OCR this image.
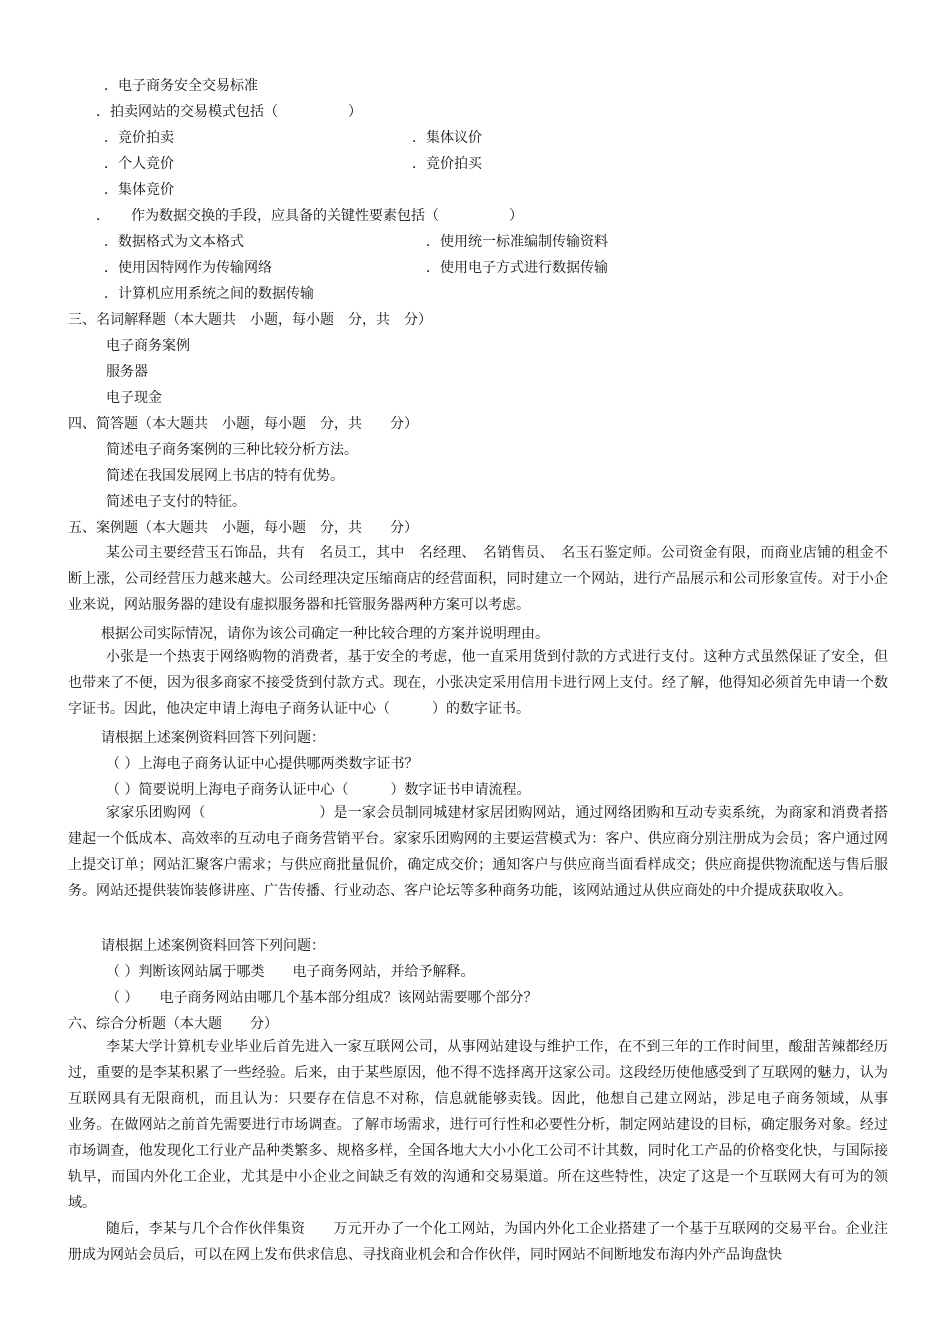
．电子商务安全交易标准
．拍卖网站的交易模式包括（　　　　　）
．竞价拍卖	．集体议价
．个人竞价	．竞价拍买
．集体竞价
．　　作为数据交换的手段，应具备的关键性要素包括（　　　　　）
．数据格式为文本格式	．使用统一标准编制传输资料
．使用因特网作为传输网络	．使用电子方式进行数据传输
．计算机应用系统之间的数据传输
三、名词解释题（本大题共　小题，每小题　分，共　分）
电子商务案例
服务器
电子现金
四、简答题（本大题共　小题，每小题　分，共　　分）
简述电子商务案例的三种比较分析方法。
简述在我国发展网上书店的特有优势。
简述电子支付的特征。
五、案例题（本大题共　小题，每小题　分，共　　分）
某公司主要经营玉石饰品，共有　名员工，其中　名经理、　名销售员、　名玉石鉴定师。公司资金有限，而商业店铺的租金不断上涨，公司经营压力越来越大。公司经理决定压缩商店的经营面积，同时建立一个网站，进行产品展示和公司形象宣传。对于小企业来说，网站服务器的建设有虚拟服务器和托管服务器两种方案可以考虑。
根据公司实际情况，请你为该公司确定一种比较合理的方案并说明理由。
小张是一个热衷于网络购物的消费者，基于安全的考虑，他一直采用货到付款的方式进行支付。这种方式虽然保证了安全，但也带来了不便，因为很多商家不接受货到付款方式。现在，小张决定采用信用卡进行网上支付。经了解，他得知必须首先申请一个数字证书。因此，他决定申请上海电子商务认证中心（　　　）的数字证书。
请根据上述案例资料回答下列问题：
（ ）上海电子商务认证中心提供哪两类数字证书？
（ ）简要说明上海电子商务认证中心（　　　）数字证书申请流程。
家家乐团购网（　　　　　　　　）是一家会员制同城建材家居团购网站，通过网络团购和互动专卖系统，为商家和消费者搭建起一个低成本、高效率的互动电子商务营销平台。家家乐团购网的主要运营模式为：客户、供应商分别注册成为会员；客户通过网上提交订单；网站汇聚客户需求；与供应商批量侃价，确定成交价；通知客户与供应商当面看样成交；供应商提供物流配送与售后服务。网站还提供装饰装修讲座、广告传播、行业动态、客户论坛等多种商务功能，该网站通过从供应商处的中介提成获取收入。
请根据上述案例资料回答下列问题：
（ ）判断该网站属于哪类　　电子商务网站，并给予解释。
（ ）　　电子商务网站由哪几个基本部分组成？该网站需要哪个部分？
六、综合分析题（本大题　　分）
李某大学计算机专业毕业后首先进入一家互联网公司，从事网站建设与维护工作，在不到三年的工作时间里，酸甜苦辣都经历过，重要的是李某积累了一些经验。后来，由于某些原因，他不得不选择离开这家公司。这段经历使他感受到了互联网的魅力，认为互联网具有无限商机，而且认为：只要存在信息不对称，信息就能够卖钱。因此，他想自己建立网站，涉足电子商务领域，从事　　业务。在做网站之前首先需要进行市场调查。了解市场需求，进行可行性和必要性分析，制定网站建设的目标，确定服务对象。经过市场调查，他发现化工行业产品种类繁多、规格多样，全国各地大大小小化工公司不计其数，同时化工产品的价格变化快，与国际接轨早，而国内外化工企业，尤其是中小企业之间缺乏有效的沟通和交易渠道。所在这些特性，决定了这是一个互联网大有可为的领域。
随后，李某与几个合作伙伴集资　　万元开办了一个化工网站，为国内外化工企业搭建了一个基于互联网的交易平台。企业注册成为网站会员后，可以在网上发布供求信息、寻找商业机会和合作伙伴，同时网站不间断地发布海内外产品询盘快
